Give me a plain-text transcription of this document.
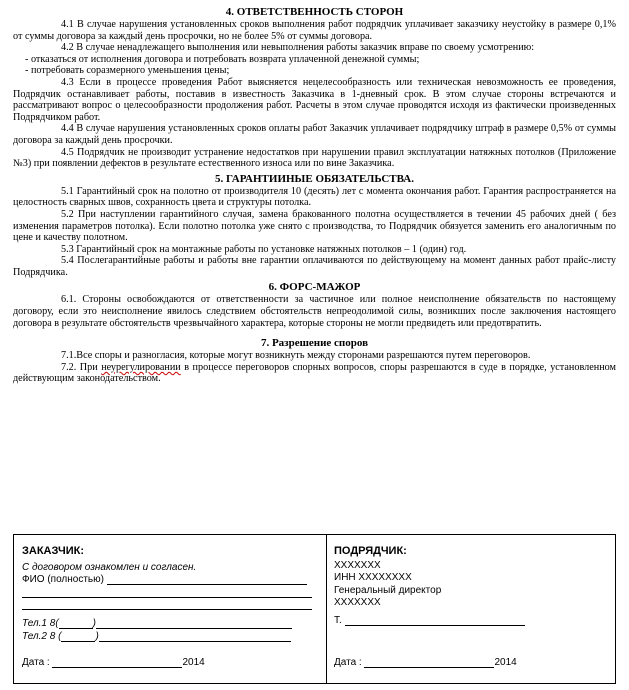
4. ОТВЕТСТВЕННОСТЬ СТОРОН

4.1 В случае нарушения установленных сроков выполнения работ подрядчик уплачивает заказчику неустойку в размере 0,1% от суммы договора за каждый день просрочки, но не более 5% от суммы договора.

4.2 В случае ненадлежащего выполнения или невыполнения работы заказчик вправе по своему усмотрению:

- отказаться от исполнения договора и потребовать возврата уплаченной денежной суммы;

- потребовать соразмерного уменьшения цены;

4.3 Если в процессе проведения Работ выясняется нецелесообразность или техническая невозможность ее проведения, Подрядчик останавливает работы, поставив в известность Заказчика в 1-дневный срок. В этом случае стороны встречаются и рассматривают вопрос о целесообразности продолжения работ. Расчеты в этом случае проводятся исходя из фактически произведенных Подрядчиком работ.

4.4 В случае нарушения установленных сроков оплаты работ Заказчик уплачивает подрядчику штраф в размере 0,5% от суммы договора за каждый день просрочки.

4.5 Подрядчик не производит устранение недостатков при нарушении правил эксплуатации натяжных потолков (Приложение №3) при появлении дефектов в результате естественного износа или по вине Заказчика.

5. ГАРАНТИИНЫЕ ОБЯЗАТЕЛЬСТВА.

5.1 Гарантийный срок на полотно от производителя 10 (десять) лет с момента окончания работ. Гарантия распространяется на целостность сварных швов, сохранность цвета и структуры потолка.

5.2 При наступлении гарантийного случая, замена бракованного полотна осуществляется в течении 45 рабочих дней ( без изменения параметров потолка). Если полотно потолка уже снято с производства, то Подрядчик обязуется заменить его аналогичным по цене и качеству полотном.

5.3 Гарантийный срок на монтажные работы по установке натяжных потолков – 1 (один) год.

5.4 Послегарантийные работы и работы вне гарантии оплачиваются по действующему на момент данных работ прайс-листу Подрядчика.

6. ФОРС-МАЖОР

6.1. Стороны освобождаются от ответственности за частичное или полное неисполнение обязательств по настоящему договору, если это неисполнение явилось следствием обстоятельств непреодолимой силы, возникших после заключения настоящего договора в результате обстоятельств чрезвычайного характера, которые стороны не могли предвидеть или предотвратить.

7. Разрешение споров

7.1.Все споры и разногласия, которые могут возникнуть между сторонами разрешаются путем переговоров.

7.2. При неурегулировании в процессе переговоров спорных вопросов, споры разрешаются в суде в порядке, установленном действующим законодательством.

ЗАКАЗЧИК:
С договором ознакомлен и согласен.
ФИО (полностью)
Тел.1 8(	)
Тел.2 8 (	)
Дата :	2014
ПОДРЯДЧИК:
XXXXXXX
ИНН XXXXXXXX
Генеральный директор
XXXXXXX
Т.
Дата :	2014
